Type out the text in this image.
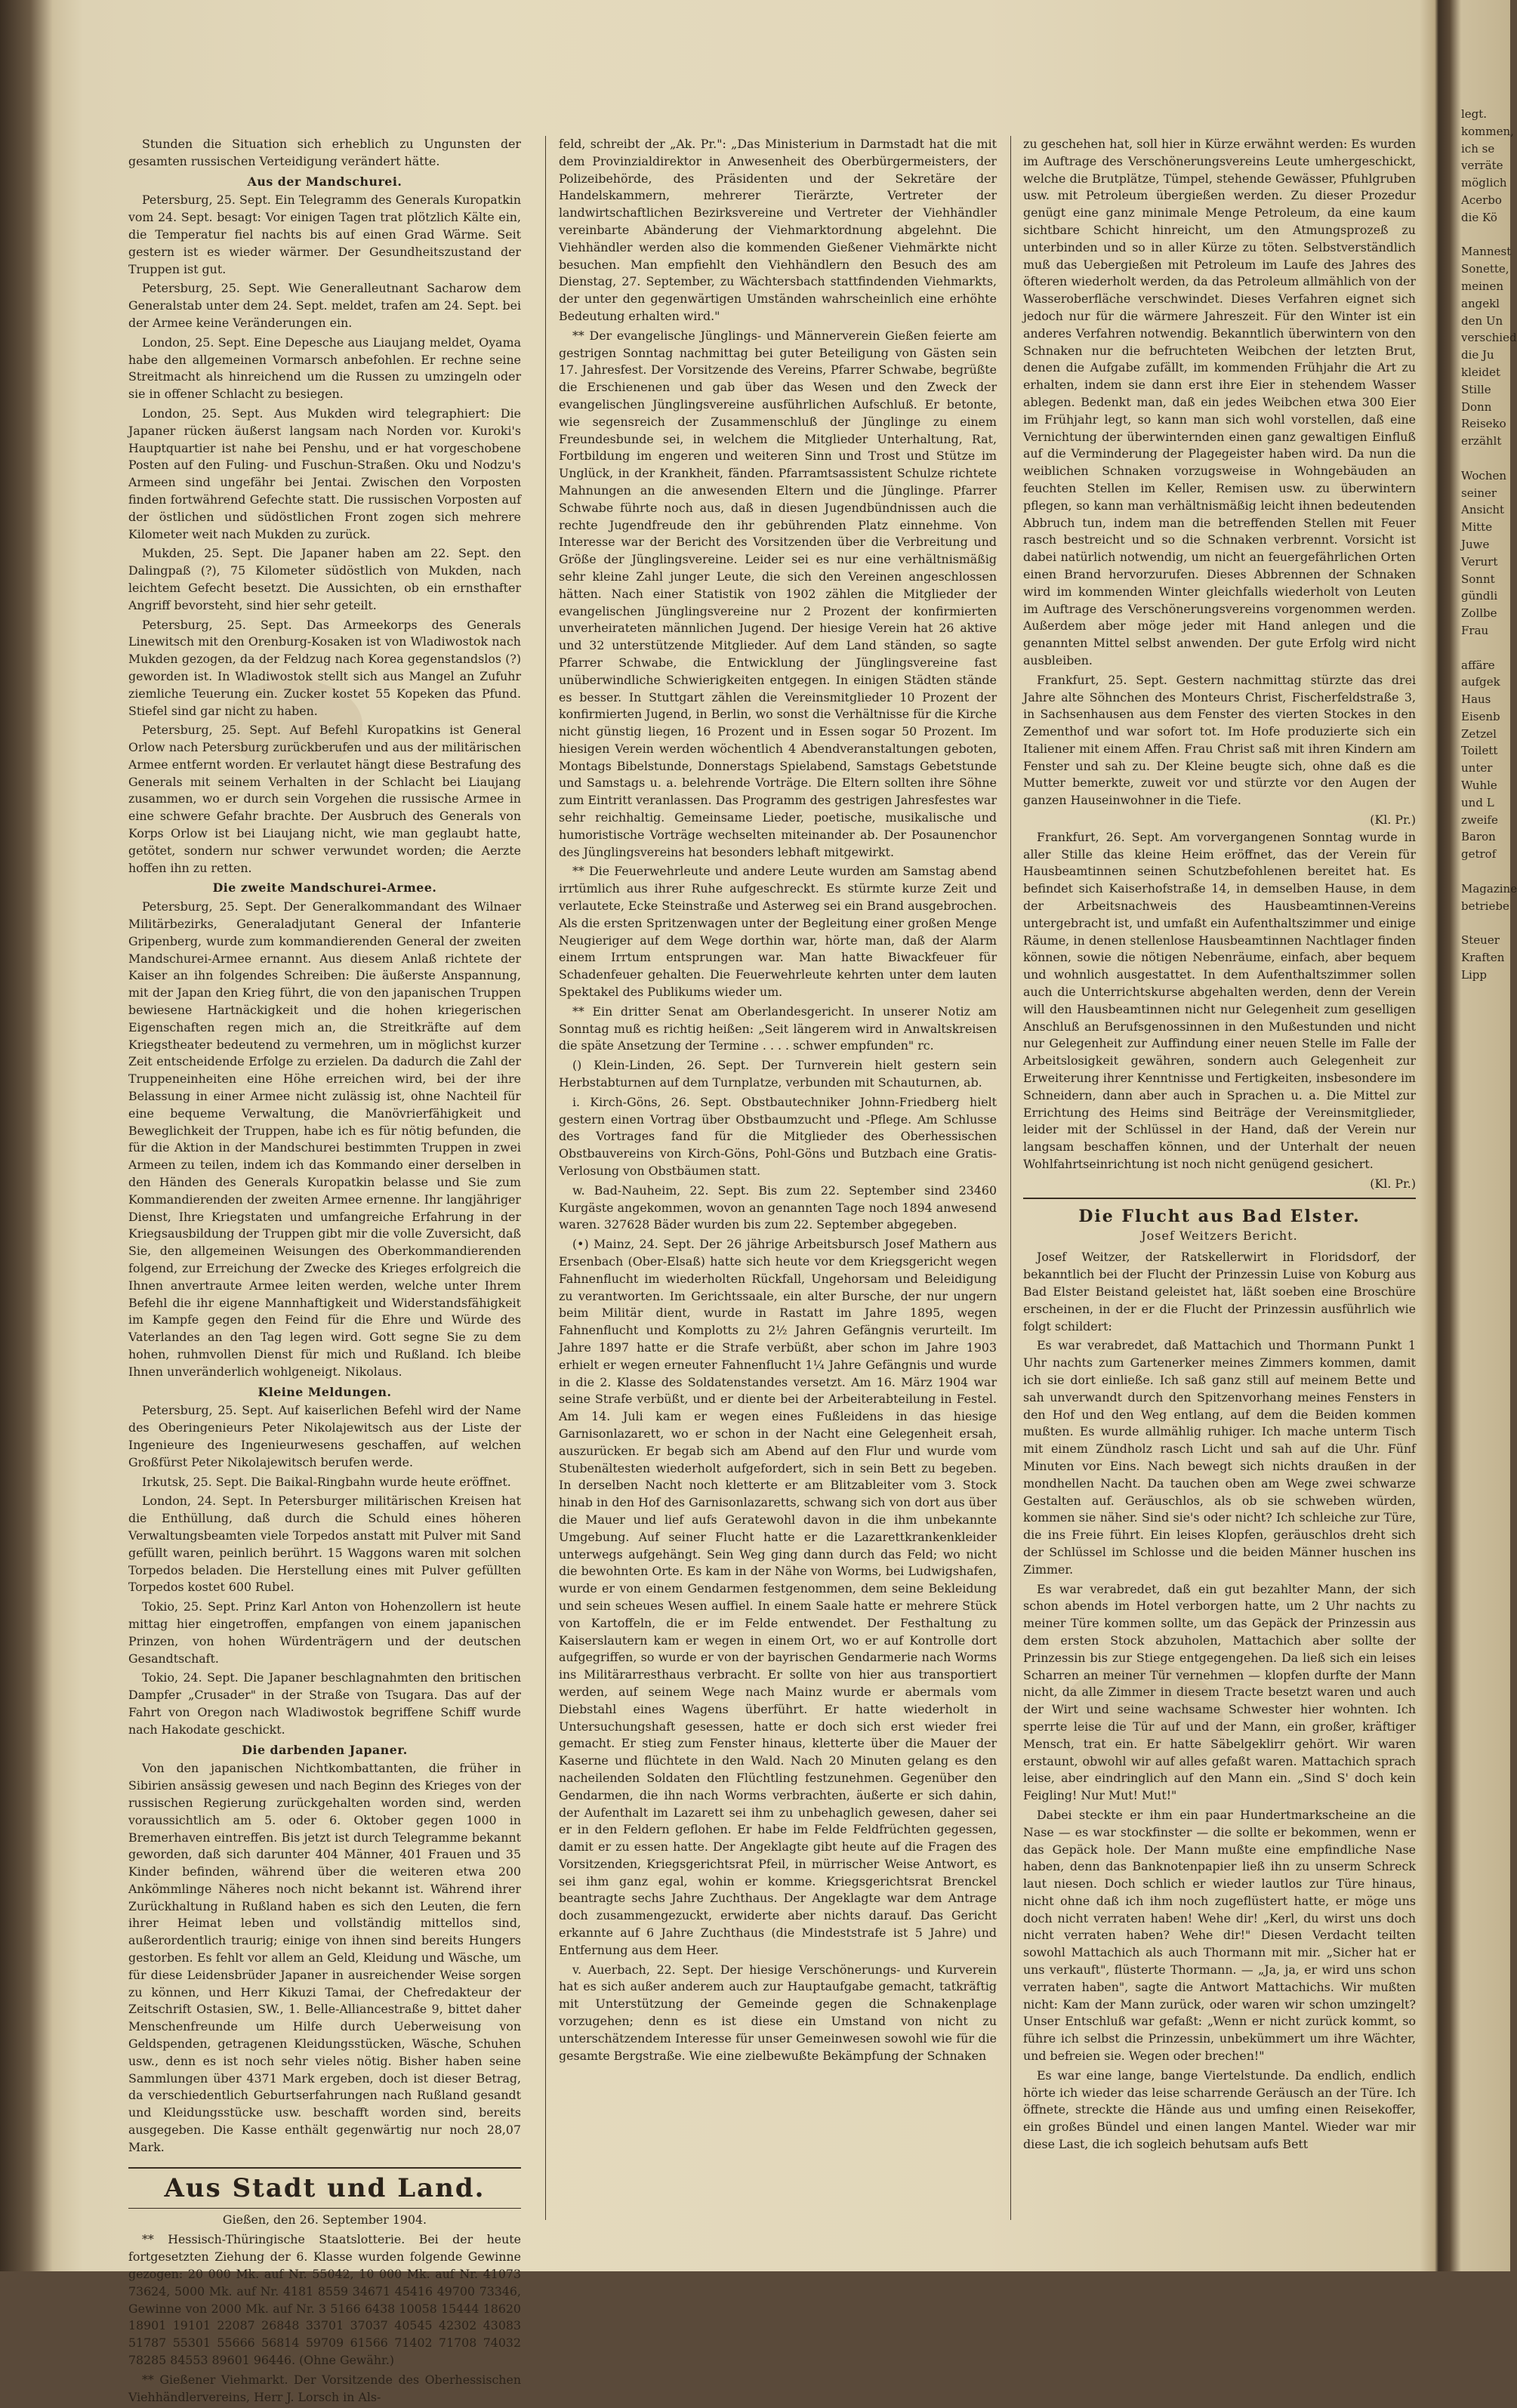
Stunden die Situation sich erheblich zu Ungunsten der gesamten russischen Verteidigung verändert hätte.

Aus der Mandschurei.

Petersburg, 25. Sept. Ein Telegramm des Generals Kuropatkin vom 24. Sept. besagt: Vor einigen Tagen trat plötzlich Kälte ein, die Temperatur fiel nachts bis auf einen Grad Wärme. Seit gestern ist es wieder wärmer. Der Gesundheitszustand der Truppen ist gut.

Petersburg, 25. Sept. Wie Generalleutnant Sacharow dem Generalstab unter dem 24. Sept. meldet, trafen am 24. Sept. bei der Armee keine Veränderungen ein.

London, 25. Sept. Eine Depesche aus Liaujang meldet, Oyama habe den allgemeinen Vormarsch anbefohlen. Er rechne seine Streitmacht als hinreichend um die Russen zu umzingeln oder sie in offener Schlacht zu besiegen.

London, 25. Sept. Aus Mukden wird telegraphiert: Die Japaner rücken äußerst langsam nach Norden vor. Kuroki's Hauptquartier ist nahe bei Penshu, und er hat vorgeschobene Posten auf den Fuling- und Fuschun-Straßen. Oku und Nodzu's Armeen sind ungefähr bei Jentai. Zwischen den Vorposten finden fortwährend Gefechte statt. Die russischen Vorposten auf der östlichen und südöstlichen Front zogen sich mehrere Kilometer weit nach Mukden zu zurück.

Mukden, 25. Sept. Die Japaner haben am 22. Sept. den Dalingpaß (?), 75 Kilometer südöstlich von Mukden, nach leichtem Gefecht besetzt. Die Aussichten, ob ein ernsthafter Angriff bevorsteht, sind hier sehr geteilt.

Petersburg, 25. Sept. Das Armeekorps des Generals Linewitsch mit den Orenburg-Kosaken ist von Wladiwostok nach Mukden gezogen, da der Feldzug nach Korea gegenstandslos (?) geworden ist. In Wladiwostok stellt sich aus Mangel an Zufuhr ziemliche Teuerung ein. Zucker kostet 55 Kopeken das Pfund. Stiefel sind gar nicht zu haben.

Petersburg, 25. Sept. Auf Befehl Kuropatkins ist General Orlow nach Petersburg zurückberufen und aus der militärischen Armee entfernt worden. Er verlautet hängt diese Bestrafung des Generals mit seinem Verhalten in der Schlacht bei Liaujang zusammen, wo er durch sein Vorgehen die russische Armee in eine schwere Gefahr brachte. Der Ausbruch des Generals von Korps Orlow ist bei Liaujang nicht, wie man geglaubt hatte, getötet, sondern nur schwer verwundet worden; die Aerzte hoffen ihn zu retten.

Die zweite Mandschurei-Armee.

Petersburg, 25. Sept. Der Generalkommandant des Wilnaer Militärbezirks, Generaladjutant General der Infanterie Gripenberg, wurde zum kommandierenden General der zweiten Mandschurei-Armee ernannt. Aus diesem Anlaß richtete der Kaiser an ihn folgendes Schreiben: Die äußerste Anspannung, mit der Japan den Krieg führt, die von den japanischen Truppen bewiesene Hartnäckigkeit und die hohen kriegerischen Eigenschaften regen mich an, die Streitkräfte auf dem Kriegstheater bedeutend zu vermehren, um in möglichst kurzer Zeit entscheidende Erfolge zu erzielen. Da dadurch die Zahl der Truppeneinheiten eine Höhe erreichen wird, bei der ihre Belassung in einer Armee nicht zulässig ist, ohne Nachteil für eine bequeme Verwaltung, die Manövrierfähigkeit und Beweglichkeit der Truppen, habe ich es für nötig befunden, die für die Aktion in der Mandschurei bestimmten Truppen in zwei Armeen zu teilen, indem ich das Kommando einer derselben in den Händen des Generals Kuropatkin belasse und Sie zum Kommandierenden der zweiten Armee ernenne. Ihr langjähriger Dienst, Ihre Kriegstaten und umfangreiche Erfahrung in der Kriegsausbildung der Truppen gibt mir die volle Zuversicht, daß Sie, den allgemeinen Weisungen des Oberkommandierenden folgend, zur Erreichung der Zwecke des Krieges erfolgreich die Ihnen anvertraute Armee leiten werden, welche unter Ihrem Befehl die ihr eigene Mannhaftigkeit und Widerstandsfähigkeit im Kampfe gegen den Feind für die Ehre und Würde des Vaterlandes an den Tag legen wird. Gott segne Sie zu dem hohen, ruhmvollen Dienst für mich und Rußland. Ich bleibe Ihnen unveränderlich wohlgeneigt. Nikolaus.

Kleine Meldungen.

Petersburg, 25. Sept. Auf kaiserlichen Befehl wird der Name des Oberingenieurs Peter Nikolajewitsch aus der Liste der Ingenieure des Ingenieurwesens geschaffen, auf welchen Großfürst Peter Nikolajewitsch berufen werde.

Irkutsk, 25. Sept. Die Baikal-Ringbahn wurde heute eröffnet.

London, 24. Sept. In Petersburger militärischen Kreisen hat die Enthüllung, daß durch die Schuld eines höheren Verwaltungsbeamten viele Torpedos anstatt mit Pulver mit Sand gefüllt waren, peinlich berührt. 15 Waggons waren mit solchen Torpedos beladen. Die Herstellung eines mit Pulver gefüllten Torpedos kostet 600 Rubel.

Tokio, 25. Sept. Prinz Karl Anton von Hohenzollern ist heute mittag hier eingetroffen, empfangen von einem japanischen Prinzen, von hohen Würdenträgern und der deutschen Gesandtschaft.

Tokio, 24. Sept. Die Japaner beschlagnahmten den britischen Dampfer „Crusader" in der Straße von Tsugara. Das auf der Fahrt von Oregon nach Wladiwostok begriffene Schiff wurde nach Hakodate geschickt.

Die darbenden Japaner.

Von den japanischen Nichtkombattanten, die früher in Sibirien ansässig gewesen und nach Beginn des Krieges von der russischen Regierung zurückgehalten worden sind, werden voraussichtlich am 5. oder 6. Oktober gegen 1000 in Bremerhaven eintreffen. Bis jetzt ist durch Telegramme bekannt geworden, daß sich darunter 404 Männer, 401 Frauen und 35 Kinder befinden, während über die weiteren etwa 200 Ankömmlinge Näheres noch nicht bekannt ist. Während ihrer Zurückhaltung in Rußland haben es sich den Leuten, die fern ihrer Heimat leben und vollständig mittellos sind, außerordentlich traurig; einige von ihnen sind bereits Hungers gestorben. Es fehlt vor allem an Geld, Kleidung und Wäsche, um für diese Leidensbrüder Japaner in ausreichender Weise sorgen zu können, und Herr Kikuzi Tamai, der Chefredakteur der Zeitschrift Ostasien, SW., 1. Belle-Alliancestraße 9, bittet daher Menschenfreunde um Hilfe durch Ueberweisung von Geldspenden, getragenen Kleidungsstücken, Wäsche, Schuhen usw., denn es ist noch sehr vieles nötig. Bisher haben seine Sammlungen über 4371 Mark ergeben, doch ist dieser Betrag, da verschiedentlich Geburtserfahrungen nach Rußland gesandt und Kleidungsstücke usw. beschafft worden sind, bereits ausgegeben. Die Kasse enthält gegenwärtig nur noch 28,07 Mark.

Aus Stadt und Land.
Gießen, den 26. September 1904.

** Hessisch-Thüringische Staatslotterie. Bei der heute fortgesetzten Ziehung der 6. Klasse wurden folgende Gewinne gezogen: 20 000 Mk. auf Nr. 55042, 10 000 Mk. auf Nr. 41073 73624, 5000 Mk. auf Nr. 4181 8559 34671 45416 49700 73346, Gewinne von 2000 Mk. auf Nr. 3 5166 6438 10058 15444 18620 18901 19101 22087 26848 33701 37037 40545 42302 43083 51787 55301 55666 56814 59709 61566 71402 71708 74032 78285 84553 89601 96446. (Ohne Gewähr.)

** Gießener Viehmarkt. Der Vorsitzende des Oberhessischen Viehhändlervereins, Herr J. Lorsch in Als-

feld, schreibt der „Ak. Pr.": „Das Ministerium in Darmstadt hat die mit dem Provinzialdirektor in Anwesenheit des Oberbürgermeisters, der Polizeibehörde, des Präsidenten und der Sekretäre der Handelskammern, mehrerer Tierärzte, Vertreter der landwirtschaftlichen Bezirksvereine und Vertreter der Viehhändler vereinbarte Abänderung der Viehmarktordnung abgelehnt. Die Viehhändler werden also die kommenden Gießener Viehmärkte nicht besuchen. Man empfiehlt den Viehhändlern den Besuch des am Dienstag, 27. September, zu Wächtersbach stattfindenden Viehmarkts, der unter den gegenwärtigen Umständen wahrscheinlich eine erhöhte Bedeutung erhalten wird."

** Der evangelische Jünglings- und Männerverein Gießen feierte am gestrigen Sonntag nachmittag bei guter Beteiligung von Gästen sein 17. Jahresfest. Der Vorsitzende des Vereins, Pfarrer Schwabe, begrüßte die Erschienenen und gab über das Wesen und den Zweck der evangelischen Jünglingsvereine ausführlichen Aufschluß. Er betonte, wie segensreich der Zusammenschluß der Jünglinge zu einem Freundesbunde sei, in welchem die Mitglieder Unterhaltung, Rat, Fortbildung im engeren und weiteren Sinn und Trost und Stütze im Unglück, in der Krankheit, fänden. Pfarramtsassistent Schulze richtete Mahnungen an die anwesenden Eltern und die Jünglinge. Pfarrer Schwabe führte noch aus, daß in diesen Jugendbündnissen auch die rechte Jugendfreude den ihr gebührenden Platz einnehme. Von Interesse war der Bericht des Vorsitzenden über die Verbreitung und Größe der Jünglingsvereine. Leider sei es nur eine verhältnismäßig sehr kleine Zahl junger Leute, die sich den Vereinen angeschlossen hätten. Nach einer Statistik von 1902 zählen die Mitglieder der evangelischen Jünglingsvereine nur 2 Prozent der konfirmierten unverheirateten männlichen Jugend. Der hiesige Verein hat 26 aktive und 32 unterstützende Mitglieder. Auf dem Land ständen, so sagte Pfarrer Schwabe, die Entwicklung der Jünglingsvereine fast unüberwindliche Schwierigkeiten entgegen. In einigen Städten stände es besser. In Stuttgart zählen die Vereinsmitglieder 10 Prozent der konfirmierten Jugend, in Berlin, wo sonst die Verhältnisse für die Kirche nicht günstig liegen, 16 Prozent und in Essen sogar 50 Prozent. Im hiesigen Verein werden wöchentlich 4 Abendveranstaltungen geboten, Montags Bibelstunde, Donnerstags Spielabend, Samstags Gebetstunde und Samstags u. a. belehrende Vorträge. Die Eltern sollten ihre Söhne zum Eintritt veranlassen. Das Programm des gestrigen Jahresfestes war sehr reichhaltig. Gemeinsame Lieder, poetische, musikalische und humoristische Vorträge wechselten miteinander ab. Der Posaunenchor des Jünglingsvereins hat besonders lebhaft mitgewirkt.

** Die Feuerwehrleute und andere Leute wurden am Samstag abend irrtümlich aus ihrer Ruhe aufgeschreckt. Es stürmte kurze Zeit und verlautete, Ecke Steinstraße und Asterweg sei ein Brand ausgebrochen. Als die ersten Spritzenwagen unter der Begleitung einer großen Menge Neugieriger auf dem Wege dorthin war, hörte man, daß der Alarm einem Irrtum entsprungen war. Man hatte Biwackfeuer für Schadenfeuer gehalten. Die Feuerwehrleute kehrten unter dem lauten Spektakel des Publikums wieder um.

** Ein dritter Senat am Oberlandesgericht. In unserer Notiz am Sonntag muß es richtig heißen: „Seit längerem wird in Anwaltskreisen die späte Ansetzung der Termine . . . . schwer empfunden" rc.

() Klein-Linden, 26. Sept. Der Turnverein hielt gestern sein Herbstabturnen auf dem Turnplatze, verbunden mit Schauturnen, ab.

i. Kirch-Göns, 26. Sept. Obstbautechniker Johnn-Friedberg hielt gestern einen Vortrag über Obstbaumzucht und -Pflege. Am Schlusse des Vortrages fand für die Mitglieder des Oberhessischen Obstbauvereins von Kirch-Göns, Pohl-Göns und Butzbach eine Gratis-Verlosung von Obstbäumen statt.

w. Bad-Nauheim, 22. Sept. Bis zum 22. September sind 23460 Kurgäste angekommen, wovon an genannten Tage noch 1894 anwesend waren. 327628 Bäder wurden bis zum 22. September abgegeben.

(•) Mainz, 24. Sept. Der 26 jährige Arbeitsbursch Josef Mathern aus Ersenbach (Ober-Elsaß) hatte sich heute vor dem Kriegsgericht wegen Fahnenflucht im wiederholten Rückfall, Ungehorsam und Beleidigung zu verantworten. Im Gerichtssaale, ein alter Bursche, der nur ungern beim Militär dient, wurde in Rastatt im Jahre 1895, wegen Fahnenflucht und Komplotts zu 2½ Jahren Gefängnis verurteilt. Im Jahre 1897 hatte er die Strafe verbüßt, aber schon im Jahre 1903 erhielt er wegen erneuter Fahnenflucht 1¼ Jahre Gefängnis und wurde in die 2. Klasse des Soldatenstandes versetzt. Am 16. März 1904 war seine Strafe verbüßt, und er diente bei der Arbeiterabteilung in Festel. Am 14. Juli kam er wegen eines Fußleidens in das hiesige Garnisonlazarett, wo er schon in der Nacht eine Gelegenheit ersah, auszurücken. Er begab sich am Abend auf den Flur und wurde vom Stubenältesten wiederholt aufgefordert, sich in sein Bett zu begeben. In derselben Nacht noch kletterte er am Blitzableiter vom 3. Stock hinab in den Hof des Garnisonlazaretts, schwang sich von dort aus über die Mauer und lief aufs Geratewohl davon in die ihm unbekannte Umgebung. Auf seiner Flucht hatte er die Lazarettkrankenkleider unterwegs aufgehängt. Sein Weg ging dann durch das Feld; wo nicht die bewohnten Orte. Es kam in der Nähe von Worms, bei Ludwigshafen, wurde er von einem Gendarmen festgenommen, dem seine Bekleidung und sein scheues Wesen auffiel. In einem Saale hatte er mehrere Stück von Kartoffeln, die er im Felde entwendet. Der Festhaltung zu Kaiserslautern kam er wegen in einem Ort, wo er auf Kontrolle dort aufgegriffen, so wurde er von der bayrischen Gendarmerie nach Worms ins Militärarresthaus verbracht. Er sollte von hier aus transportiert werden, auf seinem Wege nach Mainz wurde er abermals vom Diebstahl eines Wagens überführt. Er hatte wiederholt in Untersuchungshaft gesessen, hatte er doch sich erst wieder frei gemacht. Er stieg zum Fenster hinaus, kletterte über die Mauer der Kaserne und flüchtete in den Wald. Nach 20 Minuten gelang es den nacheilenden Soldaten den Flüchtling festzunehmen. Gegenüber den Gendarmen, die ihn nach Worms verbrachten, äußerte er sich dahin, der Aufenthalt im Lazarett sei ihm zu unbehaglich gewesen, daher sei er in den Feldern geflohen. Er habe im Felde Feldfrüchten gegessen, damit er zu essen hatte. Der Angeklagte gibt heute auf die Fragen des Vorsitzenden, Kriegsgerichtsrat Pfeil, in mürrischer Weise Antwort, es sei ihm ganz egal, wohin er komme. Kriegsgerichtsrat Brenckel beantragte sechs Jahre Zuchthaus. Der Angeklagte war dem Antrage doch zusammengezuckt, erwiderte aber nichts darauf. Das Gericht erkannte auf 6 Jahre Zuchthaus (die Mindeststrafe ist 5 Jahre) und Entfernung aus dem Heer.

v. Auerbach, 22. Sept. Der hiesige Verschönerungs- und Kurverein hat es sich außer anderem auch zur Hauptaufgabe gemacht, tatkräftig mit Unterstützung der Gemeinde gegen die Schnakenplage vorzugehen; denn es ist diese ein Umstand von nicht zu unterschätzendem Interesse für unser Gemeinwesen sowohl wie für die gesamte Bergstraße. Wie eine zielbewußte Bekämpfung der Schnaken

zu geschehen hat, soll hier in Kürze erwähnt werden: Es wurden im Auftrage des Verschönerungsvereins Leute umhergeschickt, welche die Brutplätze, Tümpel, stehende Gewässer, Pfuhlgruben usw. mit Petroleum übergießen werden. Zu dieser Prozedur genügt eine ganz minimale Menge Petroleum, da eine kaum sichtbare Schicht hinreicht, um den Atmungsprozeß zu unterbinden und so in aller Kürze zu töten. Selbstverständlich muß das Uebergießen mit Petroleum im Laufe des Jahres des öfteren wiederholt werden, da das Petroleum allmählich von der Wasseroberfläche verschwindet. Dieses Verfahren eignet sich jedoch nur für die wärmere Jahreszeit. Für den Winter ist ein anderes Verfahren notwendig. Bekanntlich überwintern von den Schnaken nur die befruchteten Weibchen der letzten Brut, denen die Aufgabe zufällt, im kommenden Frühjahr die Art zu erhalten, indem sie dann erst ihre Eier in stehendem Wasser ablegen. Bedenkt man, daß ein jedes Weibchen etwa 300 Eier im Frühjahr legt, so kann man sich wohl vorstellen, daß eine Vernichtung der überwinternden einen ganz gewaltigen Einfluß auf die Verminderung der Plagegeister haben wird. Da nun die weiblichen Schnaken vorzugsweise in Wohngebäuden an feuchten Stellen im Keller, Remisen usw. zu überwintern pflegen, so kann man verhältnismäßig leicht ihnen bedeutenden Abbruch tun, indem man die betreffenden Stellen mit Feuer rasch bestreicht und so die Schnaken verbrennt. Vorsicht ist dabei natürlich notwendig, um nicht an feuergefährlichen Orten einen Brand hervorzurufen. Dieses Abbrennen der Schnaken wird im kommenden Winter gleichfalls wiederholt von Leuten im Auftrage des Verschönerungsvereins vorgenommen werden. Außerdem aber möge jeder mit Hand anlegen und die genannten Mittel selbst anwenden. Der gute Erfolg wird nicht ausbleiben.

Frankfurt, 25. Sept. Gestern nachmittag stürzte das drei Jahre alte Söhnchen des Monteurs Christ, Fischerfeldstraße 3, in Sachsenhausen aus dem Fenster des vierten Stockes in den Zementhof und war sofort tot. Im Hofe produzierte sich ein Italiener mit einem Affen. Frau Christ saß mit ihren Kindern am Fenster und sah zu. Der Kleine beugte sich, ohne daß es die Mutter bemerkte, zuweit vor und stürzte vor den Augen der ganzen Hauseinwohner in die Tiefe.

(Kl. Pr.)

Frankfurt, 26. Sept. Am vorvergangenen Sonntag wurde in aller Stille das kleine Heim eröffnet, das der Verein für Hausbeamtinnen seinen Schutzbefohlenen bereitet hat. Es befindet sich Kaiserhofstraße 14, in demselben Hause, in dem der Arbeitsnachweis des Hausbeamtinnen-Vereins untergebracht ist, und umfaßt ein Aufenthaltszimmer und einige Räume, in denen stellenlose Hausbeamtinnen Nachtlager finden können, sowie die nötigen Nebenräume, einfach, aber bequem und wohnlich ausgestattet. In dem Aufenthaltszimmer sollen auch die Unterrichtskurse abgehalten werden, denn der Verein will den Hausbeamtinnen nicht nur Gelegenheit zum geselligen Anschluß an Berufsgenossinnen in den Mußestunden und nicht nur Gelegenheit zur Auffindung einer neuen Stelle im Falle der Arbeitslosigkeit gewähren, sondern auch Gelegenheit zur Erweiterung ihrer Kenntnisse und Fertigkeiten, insbesondere im Schneidern, dann aber auch in Sprachen u. a. Die Mittel zur Errichtung des Heims sind Beiträge der Vereinsmitglieder, leider mit der Schlüssel in der Hand, daß der Verein nur langsam beschaffen können, und der Unterhalt der neuen Wohlfahrtseinrichtung ist noch nicht genügend gesichert.

(Kl. Pr.)
Die Flucht aus Bad Elster.
Josef Weitzers Bericht.

Josef Weitzer, der Ratskellerwirt in Floridsdorf, der bekanntlich bei der Flucht der Prinzessin Luise von Koburg aus Bad Elster Beistand geleistet hat, läßt soeben eine Broschüre erscheinen, in der er die Flucht der Prinzessin ausführlich wie folgt schildert:

Es war verabredet, daß Mattachich und Thormann Punkt 1 Uhr nachts zum Gartenerker meines Zimmers kommen, damit ich sie dort einließe. Ich saß ganz still auf meinem Bette und sah unverwandt durch den Spitzenvorhang meines Fensters in den Hof und den Weg entlang, auf dem die Beiden kommen mußten. Es wurde allmählig ruhiger. Ich mache unterm Tisch mit einem Zündholz rasch Licht und sah auf die Uhr. Fünf Minuten vor Eins. Nach bewegt sich nichts draußen in der mondhellen Nacht. Da tauchen oben am Wege zwei schwarze Gestalten auf. Geräuschlos, als ob sie schweben würden, kommen sie näher. Sind sie's oder nicht? Ich schleiche zur Türe, die ins Freie führt. Ein leises Klopfen, geräuschlos dreht sich der Schlüssel im Schlosse und die beiden Männer huschen ins Zimmer.

Es war verabredet, daß ein gut bezahlter Mann, der sich schon abends im Hotel verborgen hatte, um 2 Uhr nachts zu meiner Türe kommen sollte, um das Gepäck der Prinzessin aus dem ersten Stock abzuholen, Mattachich aber sollte der Prinzessin bis zur Stiege entgegengehen. Da ließ sich ein leises Scharren an meiner Tür vernehmen — klopfen durfte der Mann nicht, da alle Zimmer in diesem Tracte besetzt waren und auch der Wirt und seine wachsame Schwester hier wohnten. Ich sperrte leise die Tür auf und der Mann, ein großer, kräftiger Mensch, trat ein. Er hatte Säbelgeklirr gehört. Wir waren erstaunt, obwohl wir auf alles gefaßt waren. Mattachich sprach leise, aber eindringlich auf den Mann ein. „Sind S' doch kein Feigling! Nur Mut! Mut!"

Dabei steckte er ihm ein paar Hundertmarkscheine an die Nase — es war stockfinster — die sollte er bekommen, wenn er das Gepäck hole. Der Mann mußte eine empfindliche Nase haben, denn das Banknotenpapier ließ ihn zu unserm Schreck laut niesen. Doch schlich er wieder lautlos zur Türe hinaus, nicht ohne daß ich ihm noch zugeflüstert hatte, er möge uns doch nicht verraten haben! Wehe dir! „Kerl, du wirst uns doch nicht verraten haben? Wehe dir!" Diesen Verdacht teilten sowohl Mattachich als auch Thormann mit mir. „Sicher hat er uns verkauft", flüsterte Thormann. — „Ja, ja, er wird uns schon verraten haben", sagte die Antwort Mattachichs. Wir mußten nicht: Kam der Mann zurück, oder waren wir schon umzingelt? Unser Entschluß war gefaßt: „Wenn er nicht zurück kommt, so führe ich selbst die Prinzessin, unbekümmert um ihre Wächter, und befreien sie. Wegen oder brechen!"

Es war eine lange, bange Viertelstunde. Da endlich, endlich hörte ich wieder das leise scharrende Geräusch an der Türe. Ich öffnete, streckte die Hände aus und umfing einen Reisekoffer, ein großes Bündel und einen langen Mantel. Wieder war mir diese Last, die ich sogleich behutsam aufs Bett

legt.
kommen,
ich se
verräte
möglich
Acerbo
die Kö

Mannest
Sonette,
meinen
angekl
den Un
verschied
die Ju
kleidet
Stille
Donn
Reiseko
erzählt

Wochen
seiner
Ansicht
Mitte
Juwe
Verurt
Sonnt
gündli
Zollbe
Frau

affäre
aufgek
Haus
Eisenb
Zetzel
Toilett
unter
Wuhle
und L
zweife
Baron
getrof

Magazine
betriebe

Steuer
Kraften
Lipp
